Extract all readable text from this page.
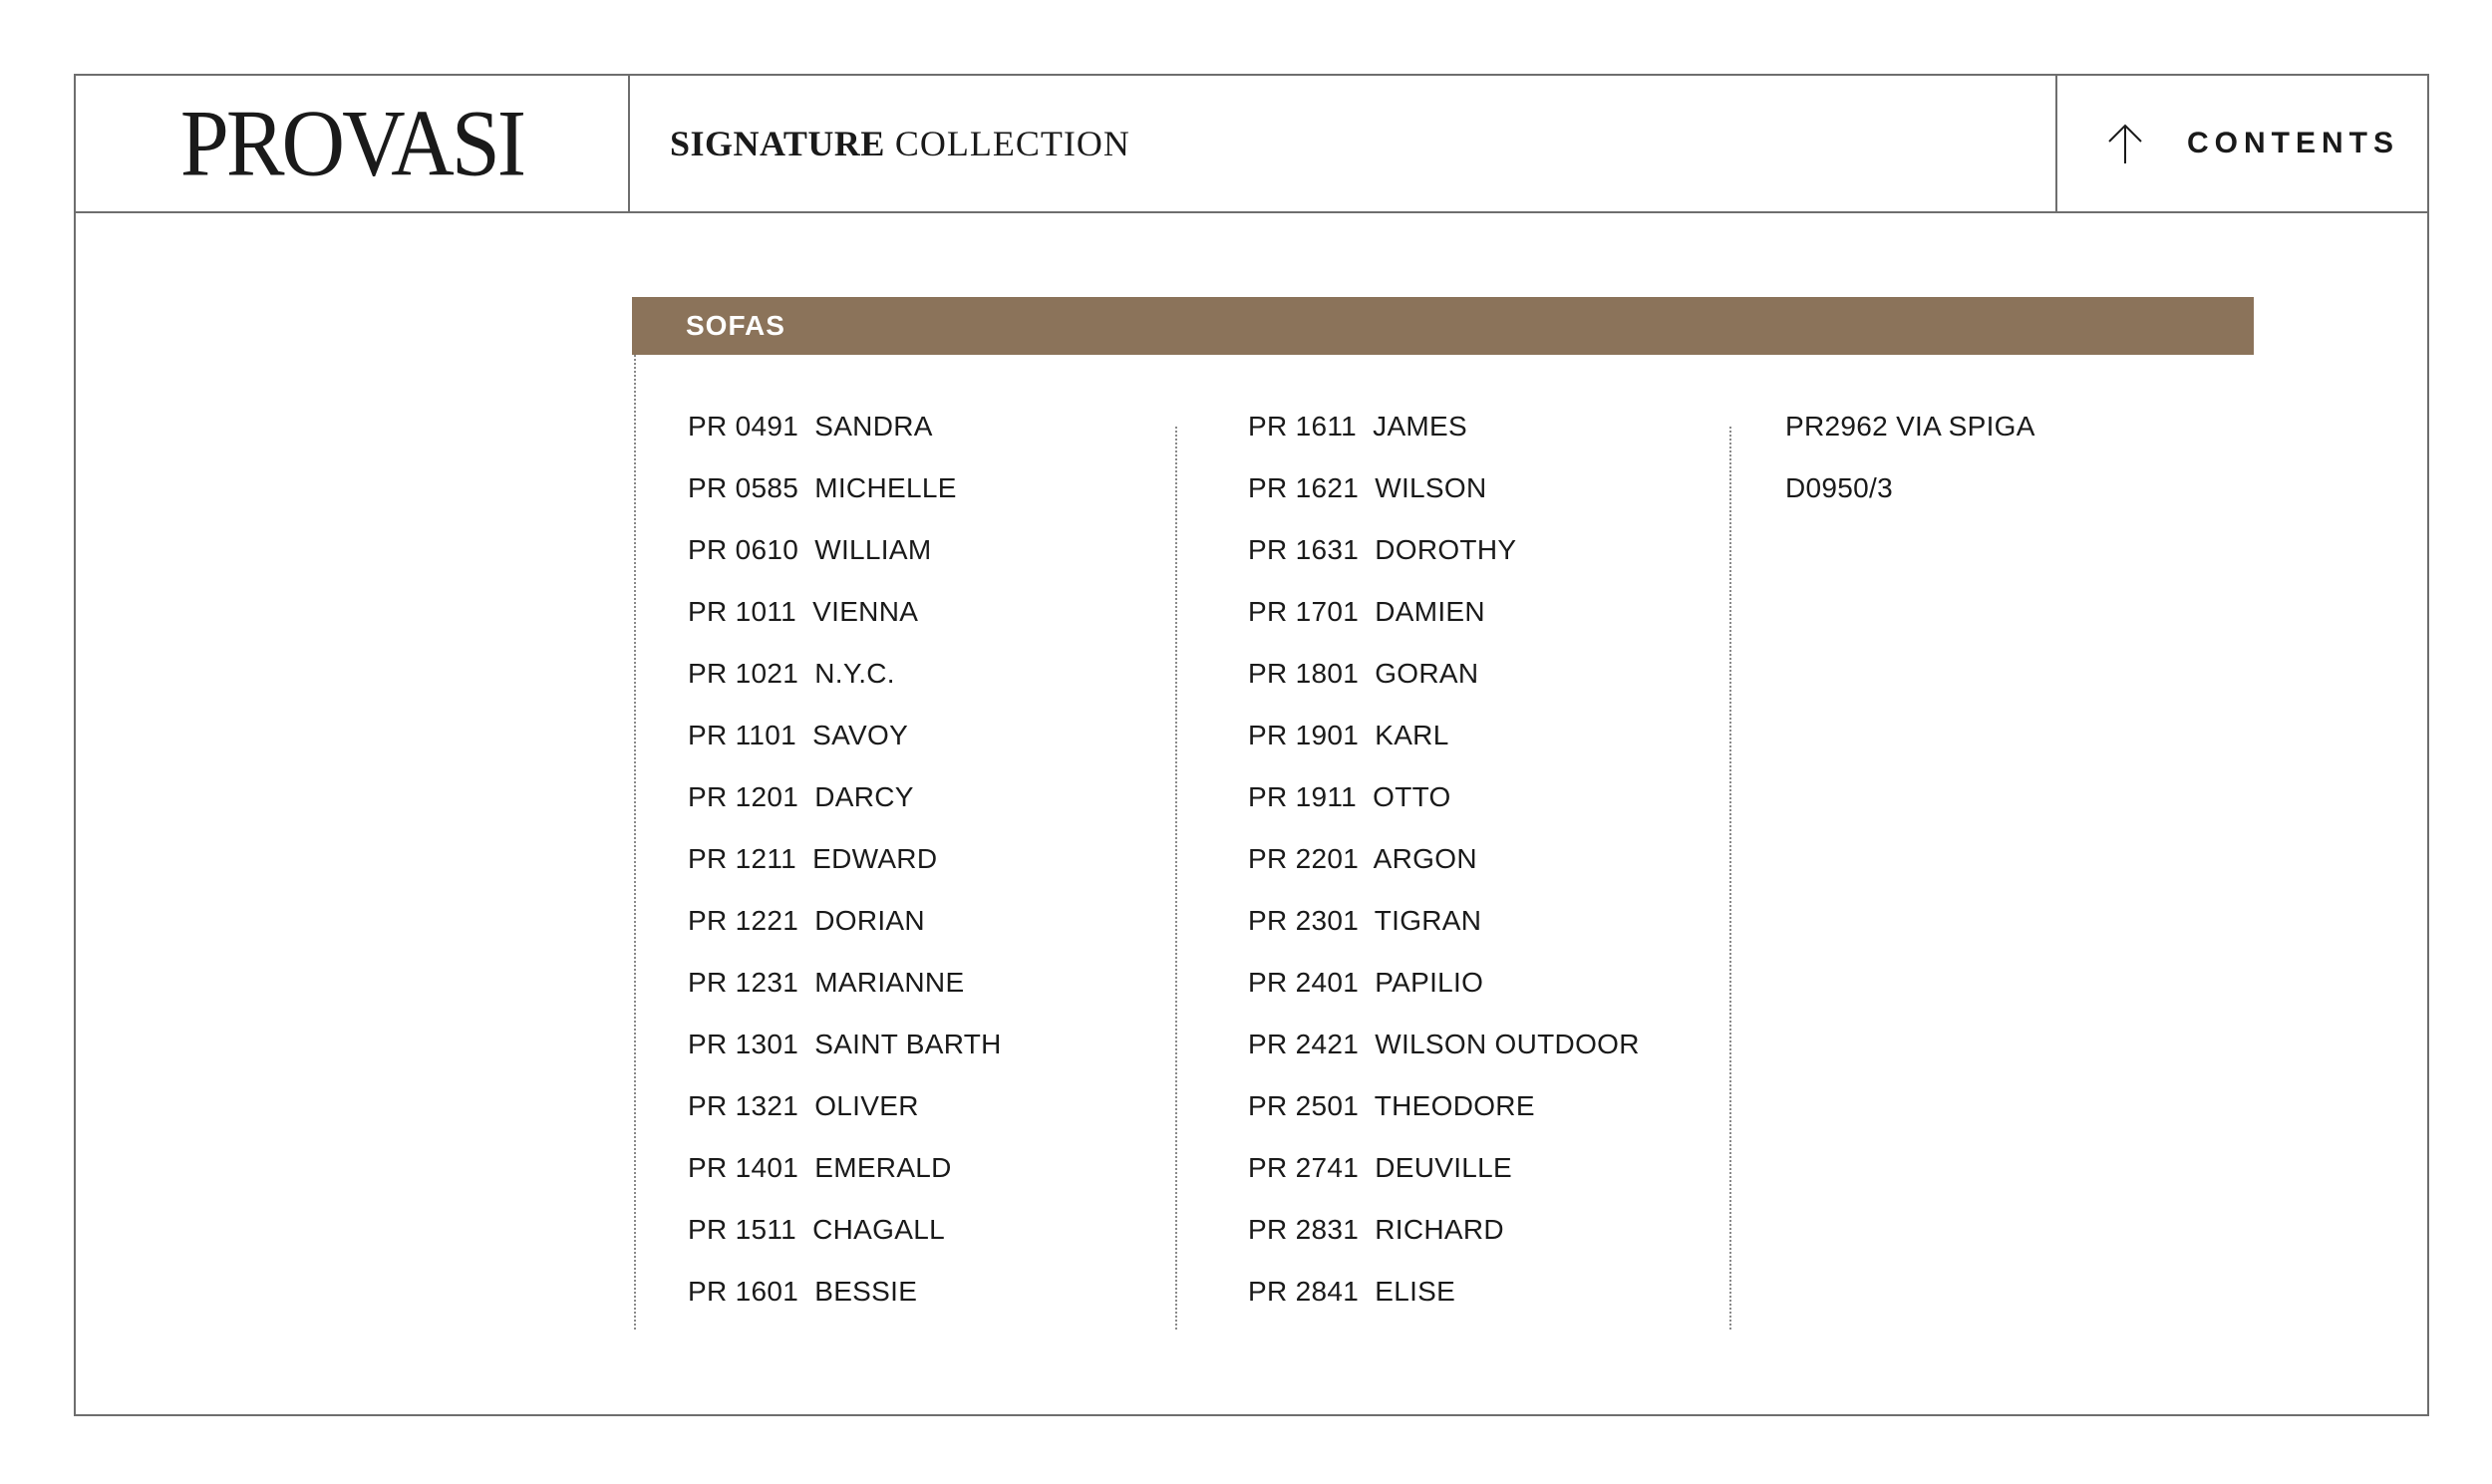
PROVASI	SIGNATURE COLLECTION	CONTENTS
SOFAS
PR 0491  SANDRA
PR 0585  MICHELLE
PR 0610  WILLIAM
PR 1011  VIENNA
PR 1021  N.Y.C.
PR 1101  SAVOY
PR 1201  DARCY
PR 1211  EDWARD
PR 1221  DORIAN
PR 1231  MARIANNE
PR 1301  SAINT BARTH
PR 1321  OLIVER
PR 1401  EMERALD
PR 1511  CHAGALL
PR 1601  BESSIE
PR 1611  JAMES
PR 1621  WILSON
PR 1631  DOROTHY
PR 1701  DAMIEN
PR 1801  GORAN
PR 1901  KARL
PR 1911  OTTO
PR 2201  ARGON
PR 2301  TIGRAN
PR 2401  PAPILIO
PR 2421  WILSON OUTDOOR
PR 2501  THEODORE
PR 2741  DEUVILLE
PR 2831  RICHARD
PR 2841  ELISE
PR2962 VIA SPIGA
D0950/3
